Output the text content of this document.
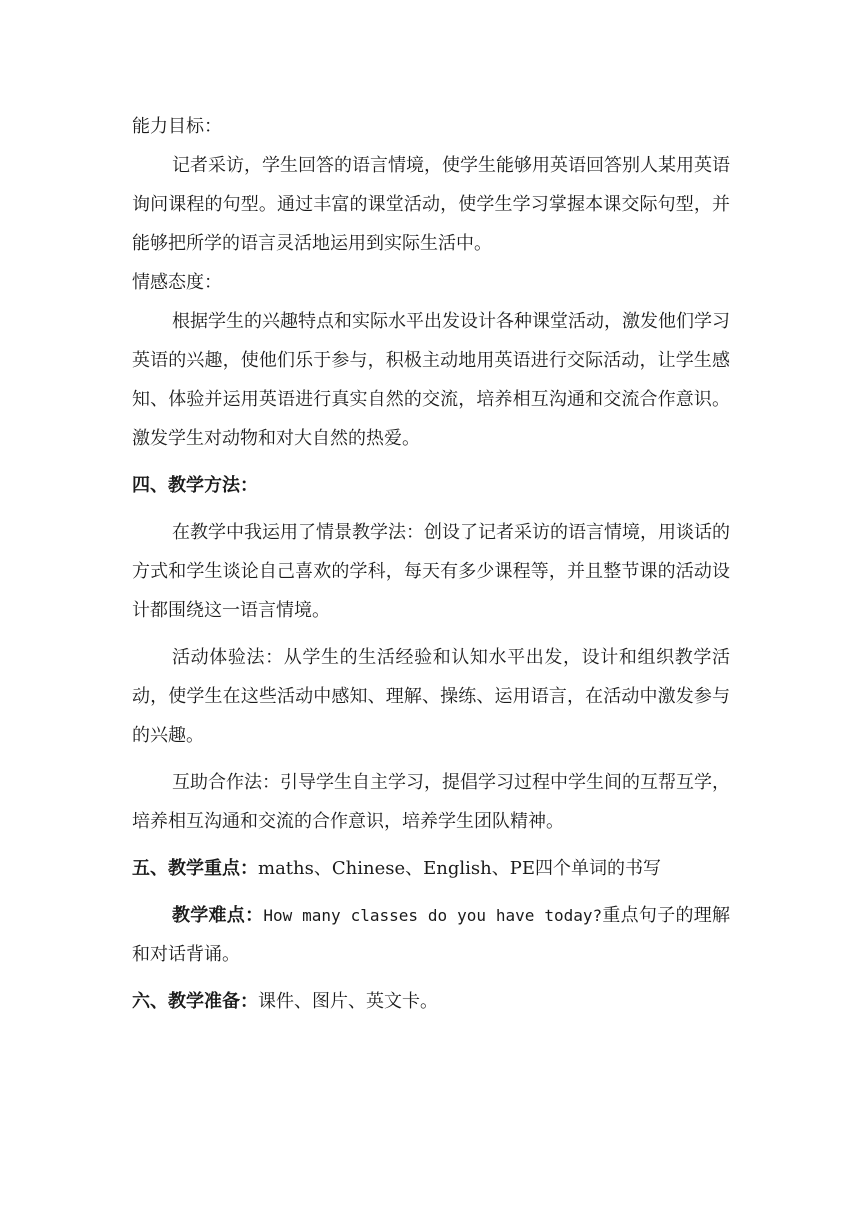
能力目标：

记者采访，学生回答的语言情境，使学生能够用英语回答别人某用英语询问课程的句型。通过丰富的课堂活动，使学生学习掌握本课交际句型，并能够把所学的语言灵活地运用到实际生活中。

情感态度：

根据学生的兴趣特点和实际水平出发设计各种课堂活动，激发他们学习英语的兴趣，使他们乐于参与，积极主动地用英语进行交际活动，让学生感知、体验并运用英语进行真实自然的交流，培养相互沟通和交流合作意识。激发学生对动物和对大自然的热爱。

四、教学方法：

在教学中我运用了情景教学法：创设了记者采访的语言情境，用谈话的方式和学生谈论自己喜欢的学科，每天有多少课程等，并且整节课的活动设计都围绕这一语言情境。

活动体验法：从学生的生活经验和认知水平出发，设计和组织教学活动，使学生在这些活动中感知、理解、操练、运用语言，在活动中激发参与的兴趣。

互助合作法：引导学生自主学习，提倡学习过程中学生间的互帮互学，培养相互沟通和交流的合作意识，培养学生团队精神。

五、教学重点：maths、Chinese、English、PE四个单词的书写

教学难点：How many classes do you have today?重点句子的理解和对话背诵。

六、教学准备：课件、图片、英文卡。
